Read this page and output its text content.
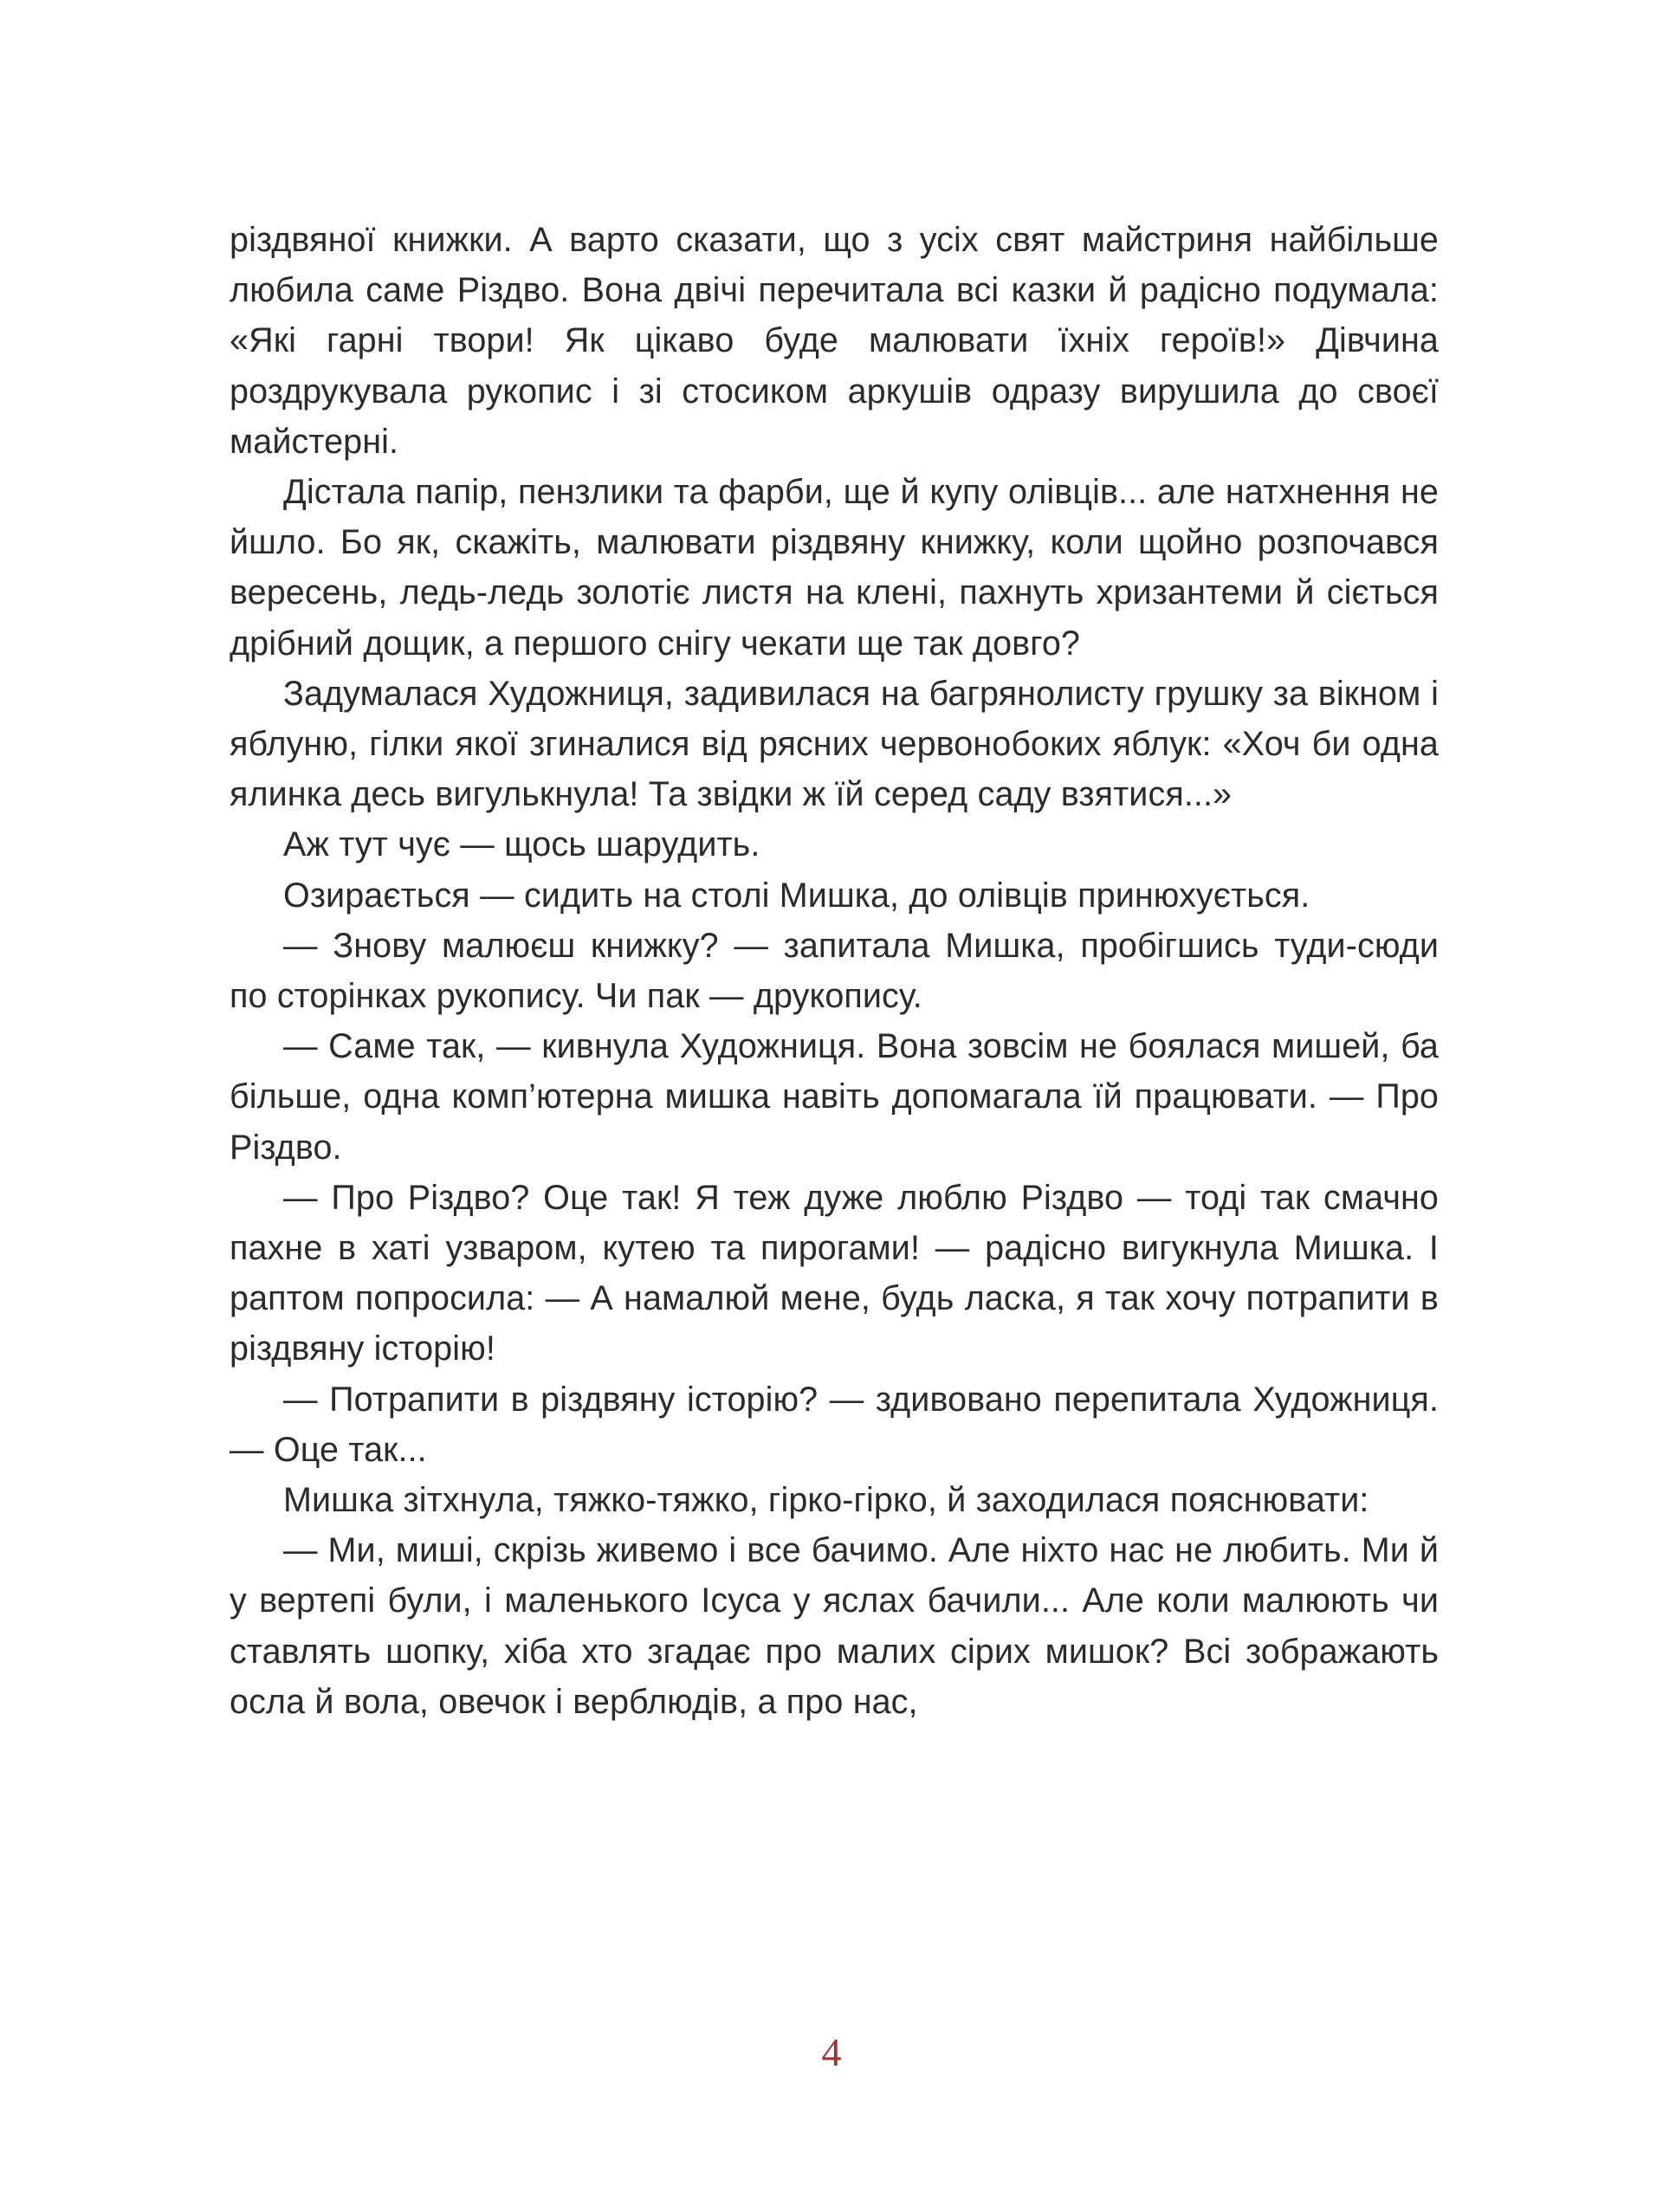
різдвяної книжки. А варто сказати, що з усіх свят майстриня найбільше любила саме Різдво. Вона двічі перечитала всі казки й радісно подумала: «Які гарні твори! Як цікаво буде малювати їхніх героїв!» Дівчина роздрукувала рукопис і зі стосиком аркушів одразу вирушила до своєї майстерні.

Дістала папір, пензлики та фарби, ще й купу олівців... але натхнення не йшло. Бо як, скажіть, малювати різдвяну книжку, коли щойно розпочався вересень, ледь-ледь золотіє листя на клені, пахнуть хризантеми й сіється дрібний дощик, а першого снігу чекати ще так довго?

Задумалася Художниця, задивилася на багрянолисту грушку за вікном і яблуню, гілки якої згиналися від рясних червонобоких яблук: «Хоч би одна ялинка десь вигулькнула! Та звідки ж їй серед саду взятися...»

Аж тут чує — щось шарудить.

Озирається — сидить на столі Мишка, до олівців принюхується.

— Знову малюєш книжку? — запитала Мишка, пробігшись туди-сюди по сторінках рукопису. Чи пак — друкопису.

— Саме так, — кивнула Художниця. Вона зовсім не боялася мишей, ба більше, одна комп’ютерна мишка навіть допомагала їй працювати. — Про Різдво.

— Про Різдво? Оце так! Я теж дуже люблю Різдво — тоді так смачно пахне в хаті узваром, кутею та пирогами! — радісно вигукнула Мишка. І раптом попросила: — А намалюй мене, будь ласка, я так хочу потрапити в різдвяну історію!

— Потрапити в різдвяну історію? — здивовано перепитала Художниця. — Оце так...

Мишка зітхнула, тяжко-тяжко, гірко-гірко, й заходилася пояснювати:

— Ми, миші, скрізь живемо і все бачимо. Але ніхто нас не любить. Ми й у вертепі були, і маленького Ісуса у яслах бачили... Але коли малюють чи ставлять шопку, хіба хто згадає про малих сірих мишок? Всі зображають осла й вола, овечок і верблюдів, а про нас,

4
